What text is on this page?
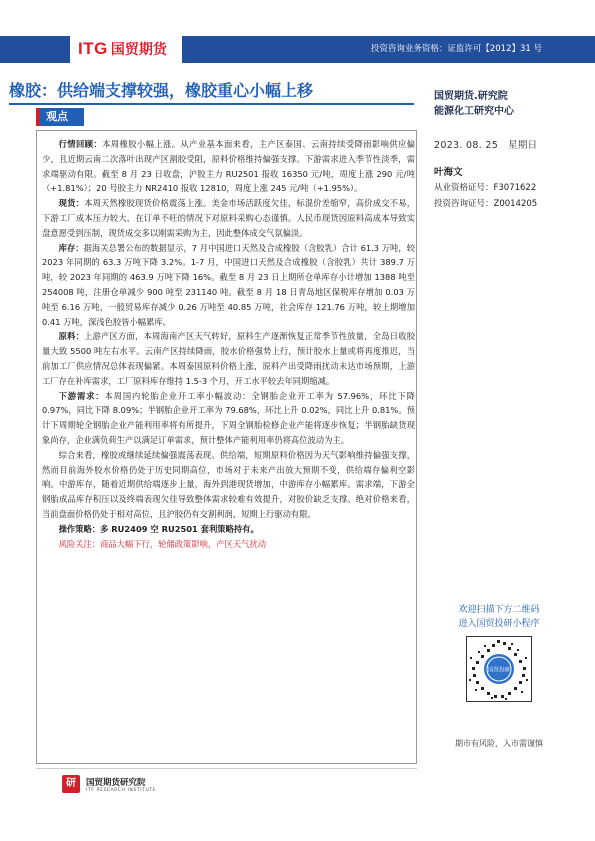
ITG 国贸期货	投资咨询业务资格：证监许可【2012】31 号
橡胶：供给端支撑较强，橡胶重心小幅上移	国贸期货.研究院
能源化工研究中心
观点

行情回顾：本周橡胶小幅上涨。从产业基本面来看，主产区泰国、云南持续受降雨影响供应偏少，且近期云南二次落叶出现产区割胶受阻，原料价格维持偏强支撑。下游需求进入季节性淡季，需求端驱动有限。截至 8 月 23 日收盘，沪胶主力 RU2501 报收 16350 元/吨，周度上涨 290 元/吨（+1.81%）；20 号胶主力 NR2410 报收 12810，周度上涨 245 元/吨（+1.95%）。

现货：本周天然橡胶现货价格震荡上涨。美金市场活跃度欠佳，标混价差缩窄，高价成交不易，下游工厂成本压力较大，在订单不旺的情况下对原料采购心态谨慎。人民币现货因原料高成本导致实盘意愿受到压制，现货成交多以刚需采购为主，因此整体成交气氛偏淡。

库存：据海关总署公布的数据显示，7 月中国进口天然及合成橡胶（含胶乳）合计 61.3 万吨，较 2023 年同期的 63.3 万吨下降 3.2%。1-7 月，中国进口天然及合成橡胶（含胶乳）共计 389.7 万吨，较 2023 年同期的 463.9 万吨下降 16%。截至 8 月 23 日上期所仓单库存小计增加 1388 吨至 254008 吨，注册仓单减少 900 吨至 231140 吨。截至 8 月 18 日青岛地区保税库存增加 0.03 万吨至 6.16 万吨，一般贸易库存减少 0.26 万吨至 40.85 万吨，社会库存 121.76 万吨，较上期增加 0.41 万吨，深浅色胶皆小幅累库。

原料：上游产区方面，本周海南产区天气转好，原料生产逐渐恢复正常季节性放量，全岛日收胶量大致 5500 吨左右水平。云南产区持续降雨，胶水价格强势上行，预计胶水上量或将再度推迟，当前加工厂供应情况总体表现偏紧。本周泰国原料价格上涨，原料产出受降雨扰动未达市场预期，上游工厂存在补库需求，工厂原料库存维持 1.5-3 个月，开工水平较去年同期缩减。

下游需求：本周国内轮胎企业开工率小幅波动：全钢胎企业开工率为 57.96%，环比下降 0.97%，同比下降 8.09%；半钢胎企业开工率为 79.68%，环比上升 0.02%，同比上升 0.81%。预计下周期轮全钢胎企业产能利用率将有所提升，下周全钢胎检修企业产能将逐步恢复；半钢胎缺货现象尚存，企业满负荷生产以满足订单需求，预计整体产能利用率仍将高位波动为主。

综合来看，橡胶或继续延续偏强震荡表现。供给端，短期原料价格因为天气影响维持偏强支撑，然而目前海外胶水价格仍处于历史同期高位，市场对于未来产出放大预期不变，供给端存偏利空影响。中游库存，随着近期供给端逐步上量，海外到港现货增加，中游库存小幅累库。需求端，下游全钢胎成品库存积压以及终端表现欠佳导致整体需求较难有效提升，对胶价缺乏支撑。绝对价格来看，当前盘面价格仍处于相对高位，且沪胶仍有交割利润，短期上行驱动有限。

操作策略：多 RU2409 空 RU2501 套利策略持有。

风险关注：商品大幅下行，轮储政策影响，产区天气扰动

2023. 08. 25 星期日
叶海文
从业资格证号：F3071622
投资咨询证号：Z0014205
欢迎扫描下方二维码
进入国贸投研小程序
国贸投研
期市有风险，入市需谨慎
研	国贸期货研究院
ITF RESEARCH INSTITUTE
